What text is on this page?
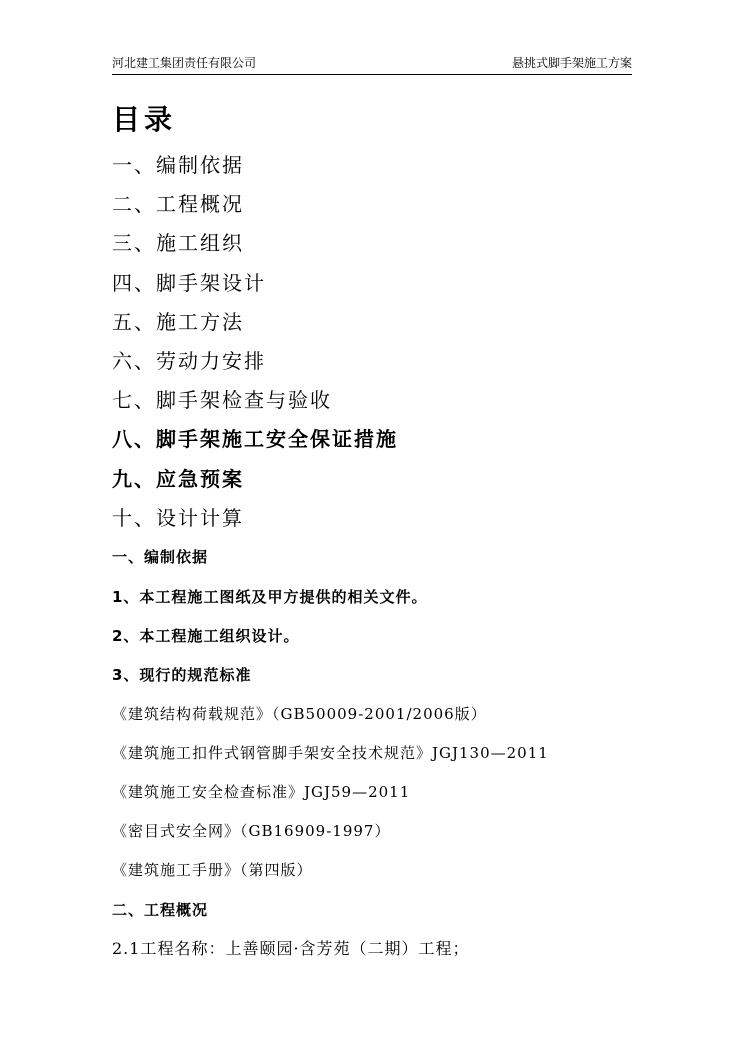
河北建工集团责任有限公司	悬挑式脚手架施工方案
目录
一、编制依据
二、工程概况
三、施工组织
四、脚手架设计
五、施工方法
六、劳动力安排
七、脚手架检查与验收
八、脚手架施工安全保证措施
九、应急预案
十、设计计算
一、编制依据
1、本工程施工图纸及甲方提供的相关文件。
2、本工程施工组织设计。
3、现行的规范标准
《建筑结构荷载规范》（GB50009-2001/2006版）
《建筑施工扣件式钢管脚手架安全技术规范》JGJ130—2011
《建筑施工安全检查标准》JGJ59—2011
《密目式安全网》（GB16909-1997）
《建筑施工手册》（第四版）
二、工程概况
2.1工程名称：上善颐园·含芳苑（二期）工程；
